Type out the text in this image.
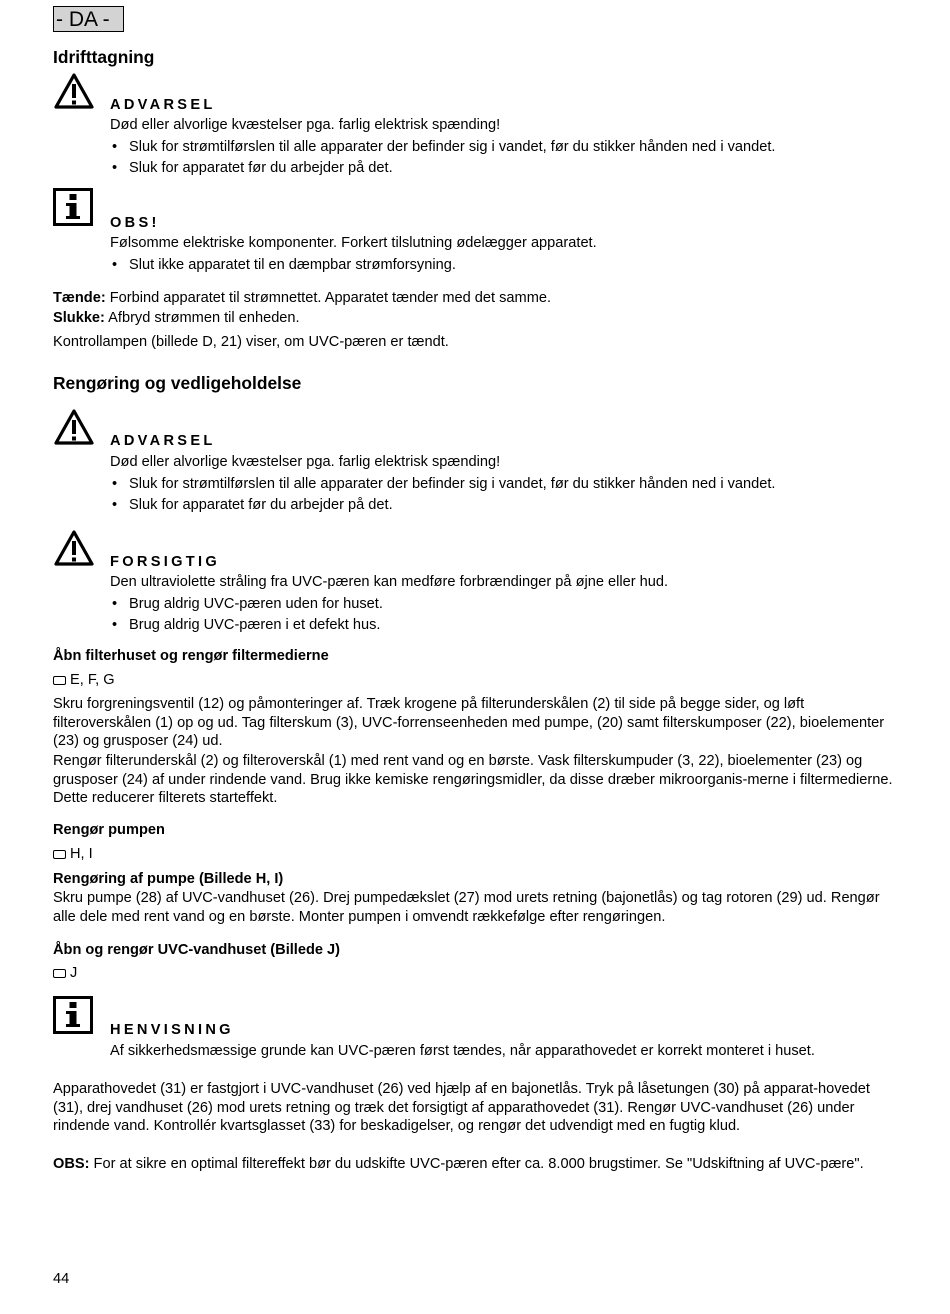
- DA -
Idrifttagning
ADVARSEL
Død eller alvorlige kvæstelser pga. farlig elektrisk spænding!
• Sluk for strømtilførslen til alle apparater der befinder sig i vandet, før du stikker hånden ned i vandet.
• Sluk for apparatet før du arbejder på det.
OBS!
Følsomme elektriske komponenter. Forkert tilslutning ødelægger apparatet.
• Slut ikke apparatet til en dæmpbar strømforsyning.
Tænde: Forbind apparatet til strømnettet. Apparatet tænder med det samme.
Slukke: Afbryd strømmen til enheden.
Kontrollampen (billede D, 21) viser, om UVC-pæren er tændt.
Rengøring og vedligeholdelse
ADVARSEL
Død eller alvorlige kvæstelser pga. farlig elektrisk spænding!
• Sluk for strømtilførslen til alle apparater der befinder sig i vandet, før du stikker hånden ned i vandet.
• Sluk for apparatet før du arbejder på det.
FORSIGTIG
Den ultraviolette stråling fra UVC-pæren kan medføre forbrændinger på øjne eller hud.
• Brug aldrig UVC-pæren uden for huset.
• Brug aldrig UVC-pæren i et defekt hus.
Åbn filterhuset og rengør filtermedierne
E, F, G
Skru forgreningsventil (12) og påmonteringer af. Træk krogene på filterunderskålen (2) til side på begge sider, og løft filteroverskålen (1) op og ud. Tag filterskum (3), UVC-forrenseenheden med pumpe, (20) samt filterskumposer (22), bioelementer (23) og grusposer (24) ud.
Rengør filterunderskål (2) og filteroverskål (1) med rent vand og en børste. Vask filterskumpuder (3, 22), bioelementer (23) og grusposer (24) af under rindende vand. Brug ikke kemiske rengøringsmidler, da disse dræber mikroorganis-merne i filtermedierne. Dette reducerer filterets starteffekt.
Rengør pumpen
H, I
Rengøring af pumpe (Billede H, I)
Skru pumpe (28) af UVC-vandhuset (26). Drej pumpedækslet (27) mod urets retning (bajonetlås) og tag rotoren (29) ud. Rengør alle dele med rent vand og en børste. Monter pumpen i omvendt rækkefølge efter rengøringen.
Åbn og rengør UVC-vandhuset (Billede J)
J
HENVISNING
Af sikkerhedsmæssige grunde kan UVC-pæren først tændes, når apparathovedet er korrekt monteret i huset.
Apparathovedet (31) er fastgjort i UVC-vandhuset (26) ved hjælp af en bajonetlås. Tryk på låsetungen (30) på apparat-hovedet (31), drej vandhuset (26) mod urets retning og træk det forsigtigt af apparathovedet (31). Rengør UVC-vandhuset (26) under rindende vand. Kontrollér kvartsglasset (33) for beskadigelser, og rengør det udvendigt med en fugtig klud.
OBS: For at sikre en optimal filtereffekt bør du udskifte UVC-pæren efter ca. 8.000 brugstimer. Se "Udskiftning af UVC-pære".
44
